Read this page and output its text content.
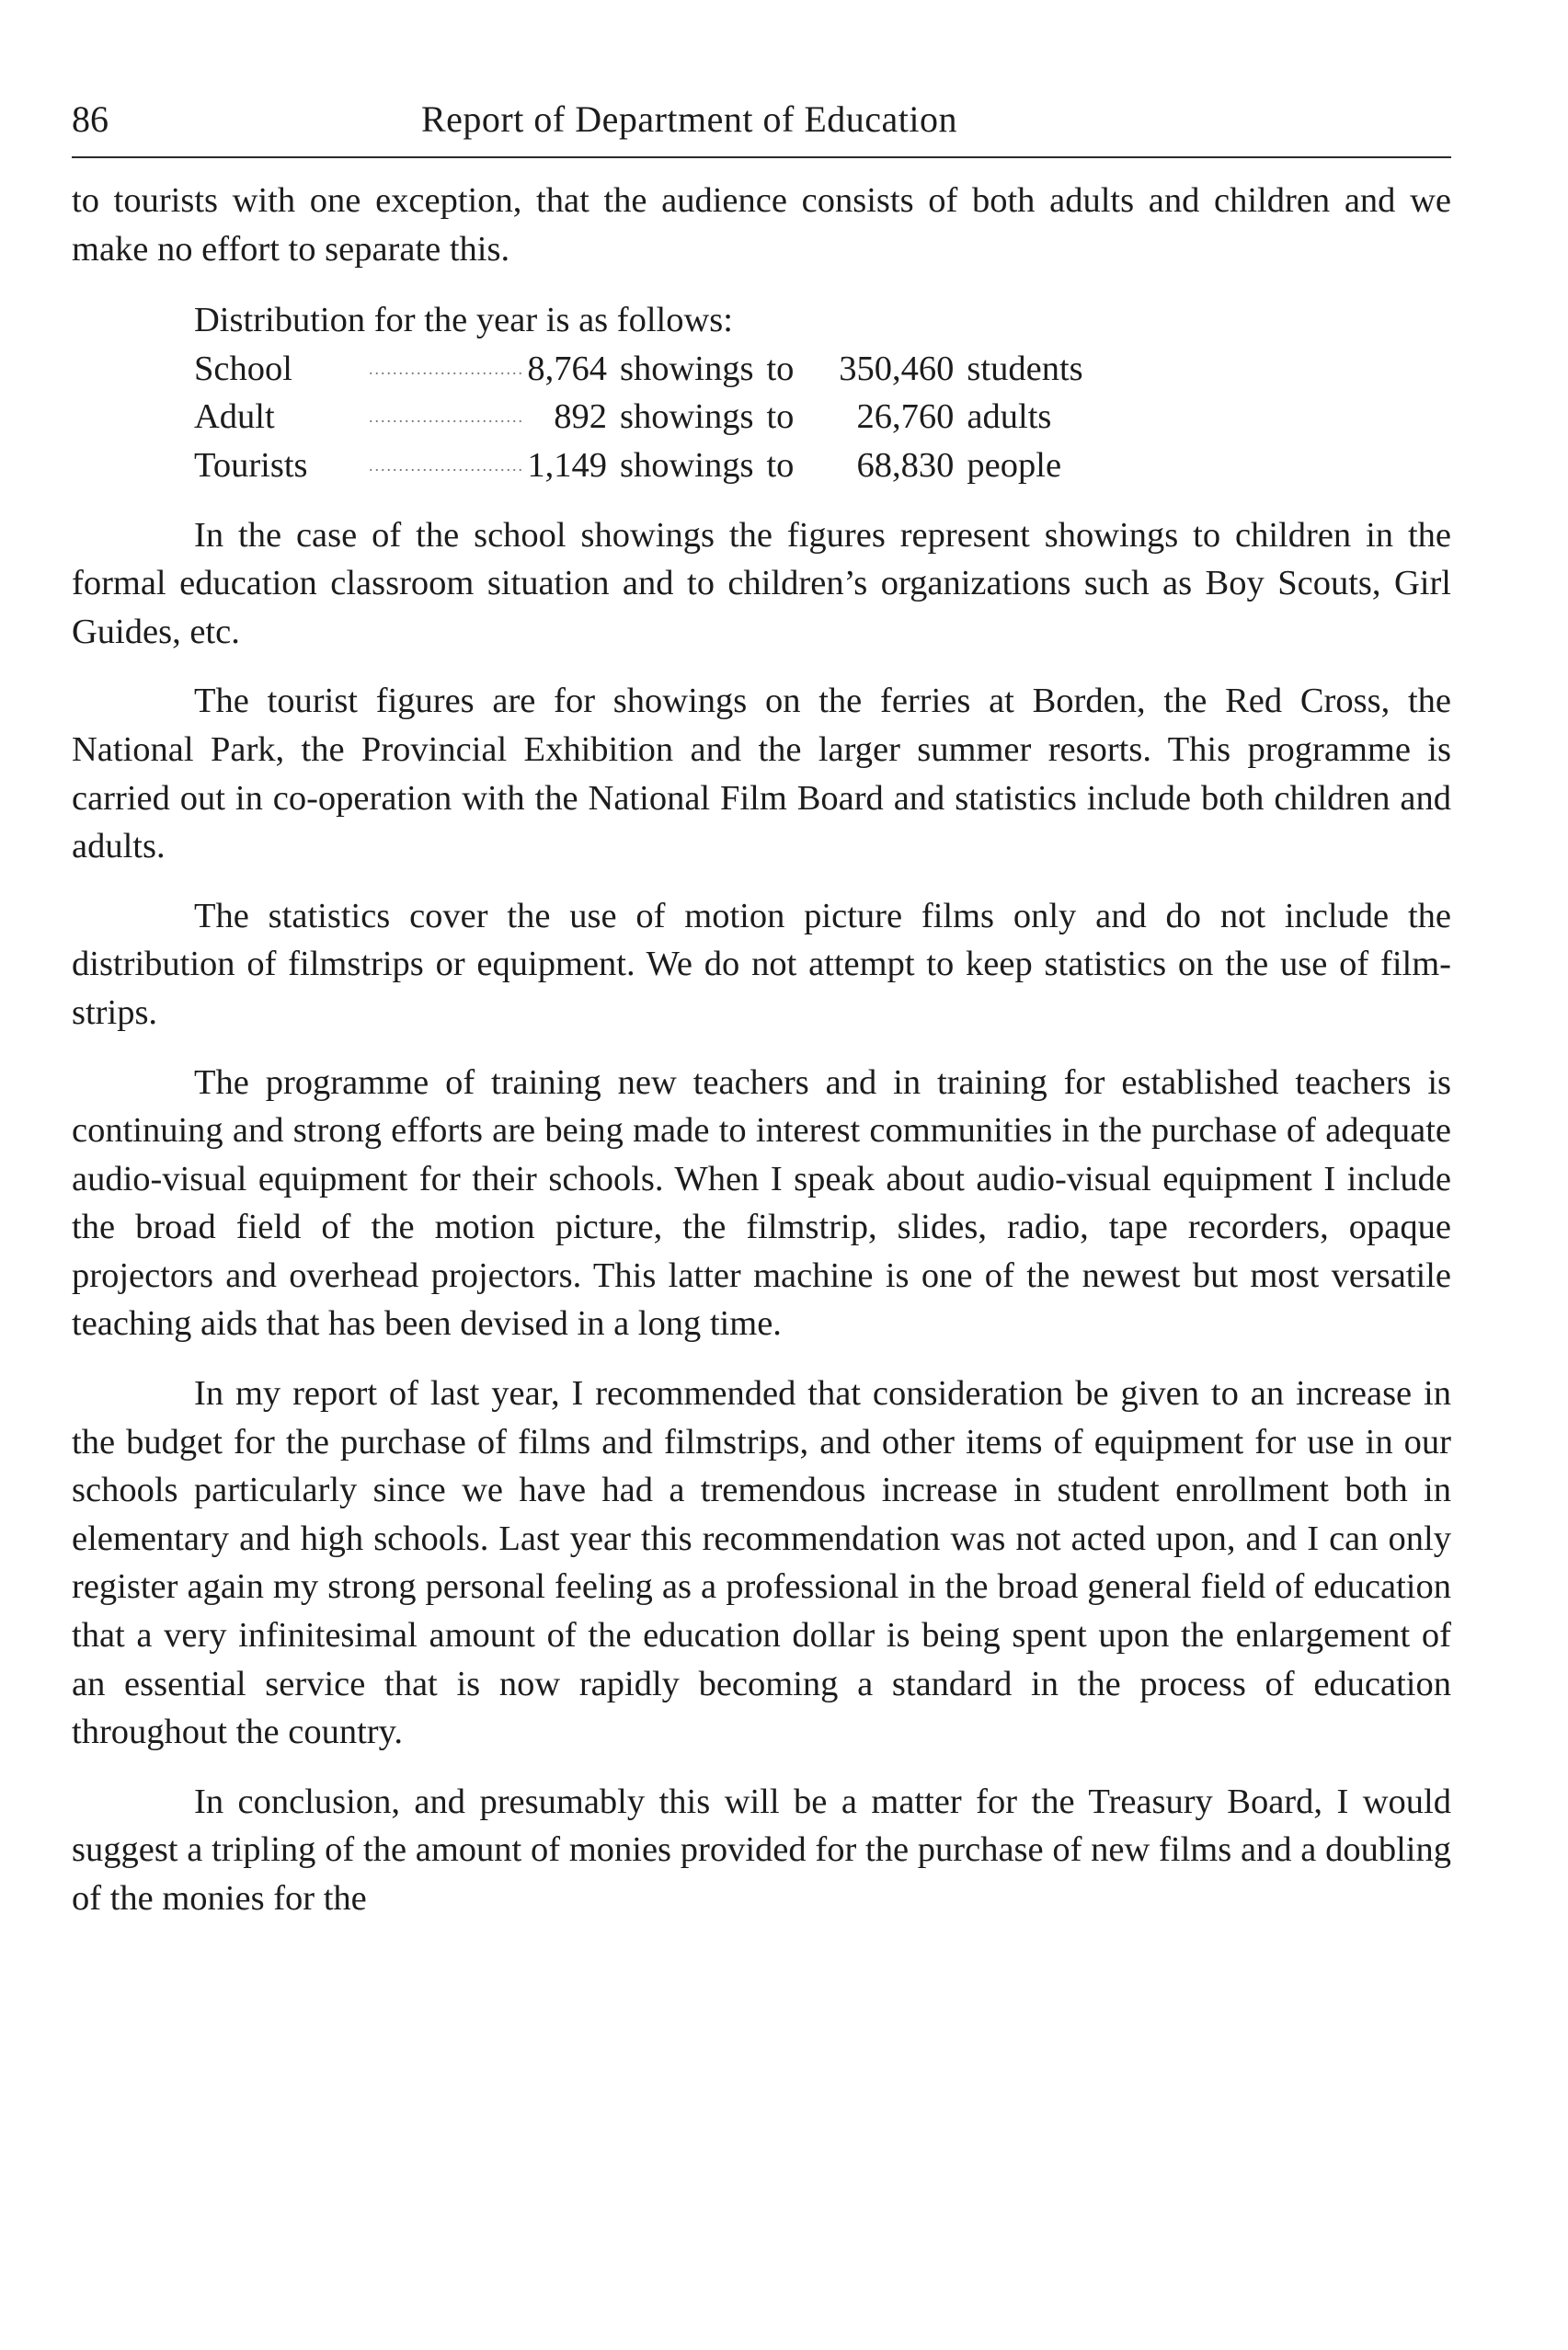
86	Report of Department of Education

to tourists with one exception, that the audience consists of both adults and children and we make no effort to separate this.

Distribution for the year is as follows:

School	..........................	8,764	showings	to	350,460	students
Adult	..........................	892	showings	to	26,760	adults
Tourists	..........................	1,149	showings	to	68,830	people

In the case of the school showings the figures represent showings to children in the formal education classroom situation and to children’s organizations such as Boy Scouts, Girl Guides, etc.

The tourist figures are for showings on the ferries at Borden, the Red Cross, the National Park, the Provincial Exhibition and the larger summer resorts. This programme is carried out in co-operation with the National Film Board and statistics include both children and adults.

The statistics cover the use of motion picture films only and do not include the distribution of filmstrips or equipment. We do not attempt to keep statistics on the use of film-strips.

The programme of training new teachers and in training for established teachers is continuing and strong efforts are being made to interest communities in the purchase of adequate audio-visual equipment for their schools. When I speak about audio-visual equipment I include the broad field of the motion picture, the filmstrip, slides, radio, tape recorders, opaque projectors and overhead projectors. This latter machine is one of the newest but most versatile teaching aids that has been devised in a long time.

In my report of last year, I recommended that consideration be given to an increase in the budget for the purchase of films and filmstrips, and other items of equipment for use in our schools particularly since we have had a tremendous increase in student enrollment both in elementary and high schools. Last year this recommendation was not acted upon, and I can only register again my strong personal feeling as a professional in the broad general field of education that a very infinitesimal amount of the education dollar is being spent upon the enlargement of an essential service that is now rapidly becoming a standard in the process of education throughout the country.

In conclusion, and presumably this will be a matter for the Treasury Board, I would suggest a tripling of the amount of monies provided for the purchase of new films and a doubling of the monies for the
